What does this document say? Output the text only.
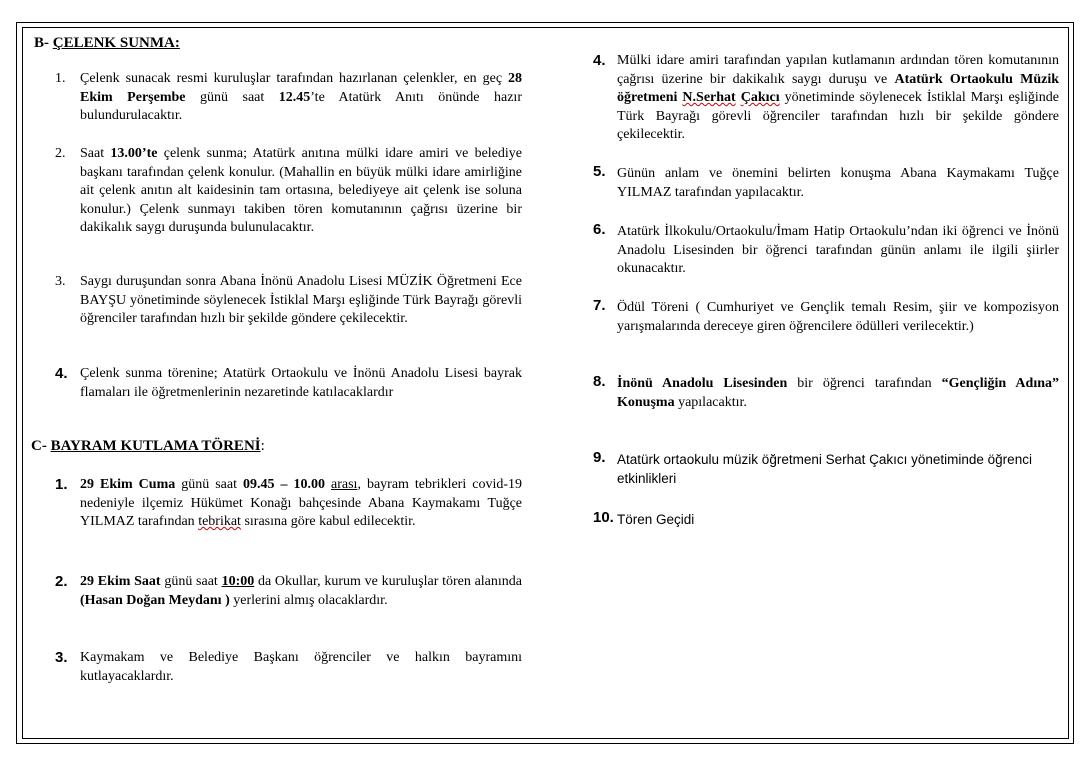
B- ÇELENK SUNMA:
1. Çelenk sunacak resmi kuruluşlar tarafından hazırlanan çelenkler, en geç 28 Ekim Perşembe günü saat 12.45’te Atatürk Anıtı önünde hazır bulundurulacaktır.
2. Saat 13.00’te çelenk sunma; Atatürk anıtına mülki idare amiri ve belediye başkanı tarafından çelenk konulur. (Mahallin en büyük mülki idare amirliğine ait çelenk anıtın alt kaidesinin tam ortasına, belediyeye ait çelenk ise soluna konulur.) Çelenk sunmayı takiben tören komutanının çağrısı üzerine bir dakikalık saygı duruşunda bulunulacaktır.
3. Saygı duruşundan sonra Abana İnönü Anadolu Lisesi MÜZİK Öğretmeni Ece BAYŞU yönetiminde söylenecek İstiklal Marşı eşliğinde Türk Bayrağı görevli öğrenciler tarafından hızlı bir şekilde göndere çekilecektir.
4. Çelenk sunma törenine; Atatürk Ortaokulu ve İnönü Anadolu Lisesi bayrak flamaları ile öğretmenlerinin nezaretinde katılacaklardır
C- BAYRAM KUTLAMA TÖRENİ:
1. 29 Ekim Cuma günü saat 09.45 – 10.00 arası, bayram tebrikleri covid-19 nedeniyle ilçemiz Hükümet Konağı bahçesinde Abana Kaymakamı Tuğçe YILMAZ tarafından tebrikat sırasına göre kabul edilecektir.
2. 29 Ekim Saat günü saat 10:00 da Okullar, kurum ve kuruluşlar tören alanında (Hasan Doğan Meydanı ) yerlerini almış olacaklardır.
3. Kaymakam ve Belediye Başkanı öğrenciler ve halkın bayramını kutlayacaklardır.
4. Mülki idare amiri tarafından yapılan kutlamanın ardından tören komutanının çağrısı üzerine bir dakikalık saygı duruşu ve Atatürk Ortaokulu Müzik öğretmeni N.Serhat Çakıcı yönetiminde söylenecek İstiklal Marşı eşliğinde Türk Bayrağı görevli öğrenciler tarafından hızlı bir şekilde göndere çekilecektir.
5. Günün anlam ve önemini belirten konuşma Abana Kaymakamı Tuğçe YILMAZ tarafından yapılacaktır.
6. Atatürk İlkokulu/Ortaokulu/İmam Hatip Ortaokulu’ndan iki öğrenci ve İnönü Anadolu Lisesinden bir öğrenci tarafından günün anlamı ile ilgili şiirler okunacaktır.
7. Ödül Töreni ( Cumhuriyet ve Gençlik temalı Resim, şiir ve kompozisyon yarışmalarında dereceye giren öğrencilere ödülleri verilecektir.)
8. İnönü Anadolu Lisesinden bir öğrenci tarafından “Gençliğin Adına” Konuşma yapılacaktır.
9. Atatürk ortaokulu müzik öğretmeni Serhat Çakıcı yönetiminde öğrenci etkinlikleri
10. Tören Geçidi
